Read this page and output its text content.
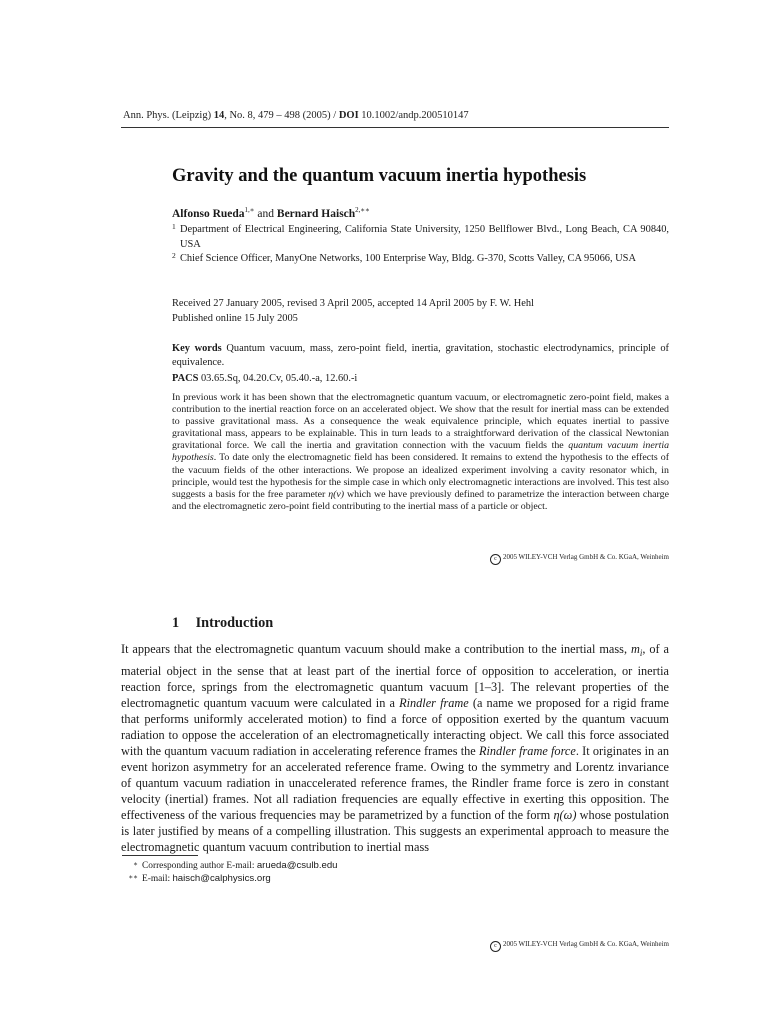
Ann. Phys. (Leipzig) 14, No. 8, 479 – 498 (2005) / DOI 10.1002/andp.200510147
Gravity and the quantum vacuum inertia hypothesis
Alfonso Rueda$^{1,∗}$ and Bernard Haisch$^{2,∗∗}$
1 Department of Electrical Engineering, California State University, 1250 Bellflower Blvd., Long Beach, CA 90840, USA
2 Chief Science Officer, ManyOne Networks, 100 Enterprise Way, Bldg. G-370, Scotts Valley, CA 95066, USA
Received 27 January 2005, revised 3 April 2005, accepted 14 April 2005 by F. W. Hehl
Published online 15 July 2005
Key words Quantum vacuum, mass, zero-point field, inertia, gravitation, stochastic electrodynamics, principle of equivalence.
PACS 03.65.Sq, 04.20.Cv, 05.40.-a, 12.60.-i
In previous work it has been shown that the electromagnetic quantum vacuum, or electromagnetic zero-point field, makes a contribution to the inertial reaction force on an accelerated object. We show that the result for inertial mass can be extended to passive gravitational mass. As a consequence the weak equivalence principle, which equates inertial to passive gravitational mass, appears to be explainable. This in turn leads to a straightforward derivation of the classical Newtonian gravitational force. We call the inertia and gravitation connection with the vacuum fields the quantum vacuum inertia hypothesis. To date only the electromagnetic field has been considered. It remains to extend the hypothesis to the effects of the vacuum fields of the other interactions. We propose an idealized experiment involving a cavity resonator which, in principle, would test the hypothesis for the simple case in which only electromagnetic interactions are involved. This test also suggests a basis for the free parameter η(ν) which we have previously defined to parametrize the interaction between charge and the electromagnetic zero-point field contributing to the inertial mass of a particle or object.
c 2005 WILEY-VCH Verlag GmbH & Co. KGaA, Weinheim
1 Introduction
It appears that the electromagnetic quantum vacuum should make a contribution to the inertial mass, $m_i$, of a material object in the sense that at least part of the inertial force of opposition to acceleration, or inertia reaction force, springs from the electromagnetic quantum vacuum [1–3]. The relevant properties of the electromagnetic quantum vacuum were calculated in a Rindler frame (a name we proposed for a rigid frame that performs uniformly accelerated motion) to find a force of opposition exerted by the quantum vacuum radiation to oppose the acceleration of an electromagnetically interacting object. We call this force associated with the quantum vacuum radiation in accelerating reference frames the Rindler frame force. It originates in an event horizon asymmetry for an accelerated reference frame. Owing to the symmetry and Lorentz invariance of quantum vacuum radiation in unaccelerated reference frames, the Rindler frame force is zero in constant velocity (inertial) frames. Not all radiation frequencies are equally effective in exerting this opposition. The effectiveness of the various frequencies may be parametrized by a function of the form η(ω) whose postulation is later justified by means of a compelling illustration. This suggests an experimental approach to measure the electromagnetic quantum vacuum contribution to inertial mass
∗ Corresponding author E-mail: arueda@csulb.edu
∗∗ E-mail: haisch@calphysics.org
c 2005 WILEY-VCH Verlag GmbH & Co. KGaA, Weinheim
